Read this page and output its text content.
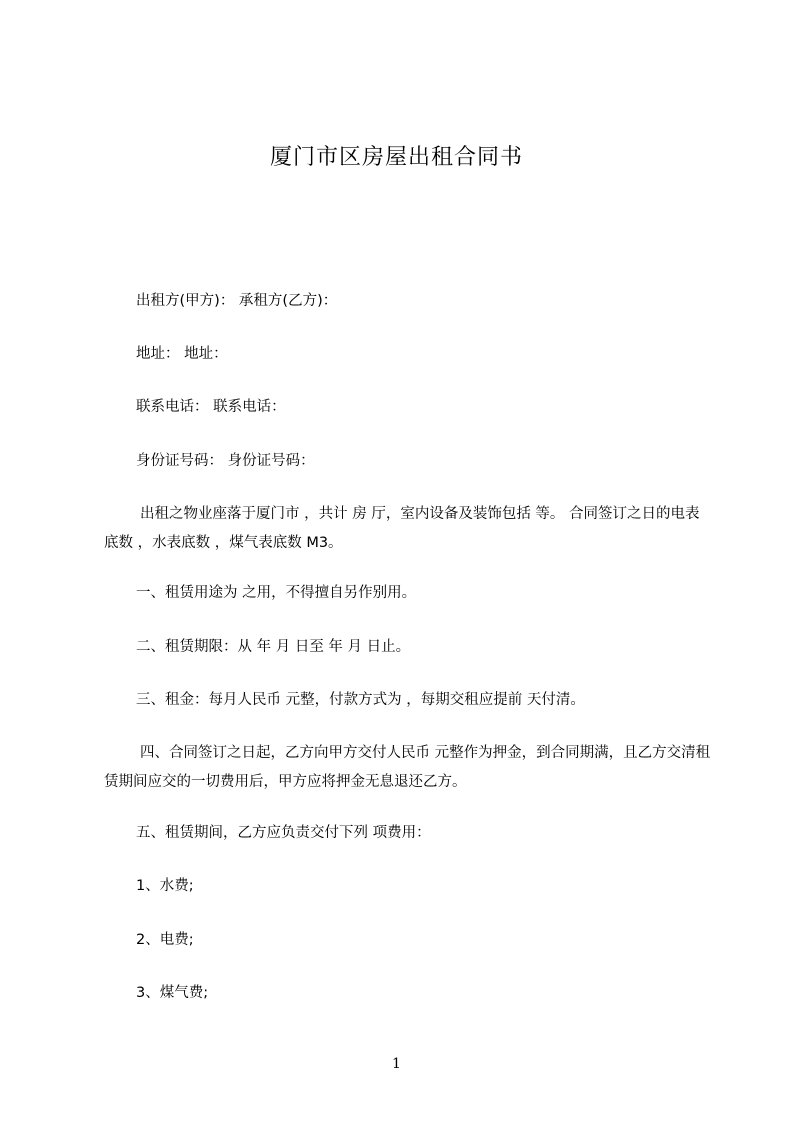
厦门市区房屋出租合同书
出租方(甲方)： 承租方(乙方)：
地址： 地址：
联系电话： 联系电话：
身份证号码： 身份证号码：
出租之物业座落于厦门市 ，共计 房 厅，室内设备及装饰包括 等。 合同签订之日的电表底数 ，水表底数 ，煤气表底数 M3。
一、租赁用途为 之用，不得擅自另作别用。
二、租赁期限：从 年 月 日至 年 月 日止。
三、租金：每月人民币 元整，付款方式为 ，每期交租应提前 天付清。
四、合同签订之日起，乙方向甲方交付人民币 元整作为押金，到合同期满，且乙方交清租赁期间应交的一切费用后，甲方应将押金无息退还乙方。
五、租赁期间，乙方应负责交付下列 项费用：
1、水费;
2、电费;
3、煤气费;
1
